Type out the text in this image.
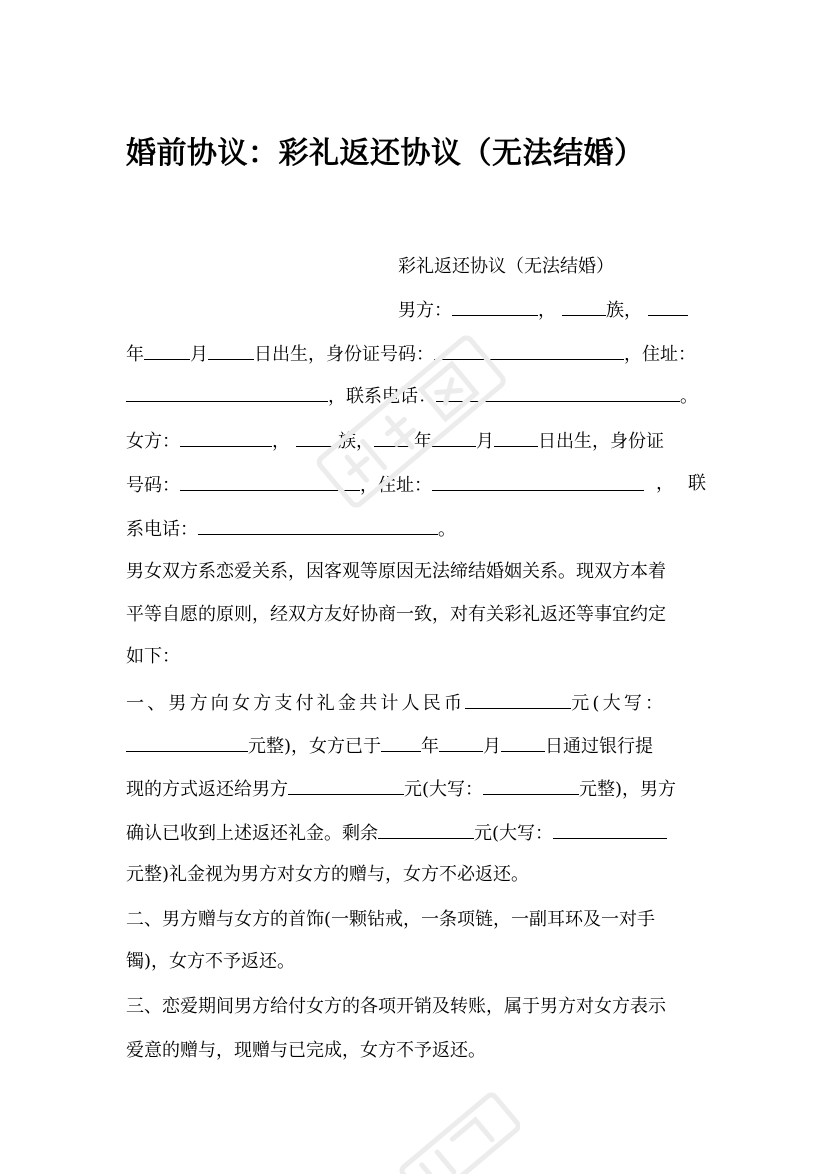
婚前协议：彩礼返还协议（无法结婚）
彩礼返还协议（无法结婚）
男方：	，	族，
年	月	日出生，身份证号码：	，住址：
，联系电话：	。
女方：	，	族， 年 月 日出生，身份证
号码：	，住址：	， 联
系电话：	。
男女双方系恋爱关系，因客观等原因无法缔结婚姻关系。现双方本着
平等自愿的原则，经双方友好协商一致，对有关彩礼返还等事宜约定
如下：
一、男方向女方支付礼金共计人民币	元(大写：
元整)，女方已于 年 月 日通过银行提
现的方式返还给男方	元(大写：	元整)，男方
确认已收到上述返还礼金。剩余	元(大写：
元整)礼金视为男方对女方的赠与，女方不必返还。
二、男方赠与女方的首饰(一颗钻戒，一条项链，一副耳环及一对手
镯)，女方不予返还。
三、恋爱期间男方给付女方的各项开销及转账，属于男方对女方表示
爱意的赠与，现赠与已完成，女方不予返还。
